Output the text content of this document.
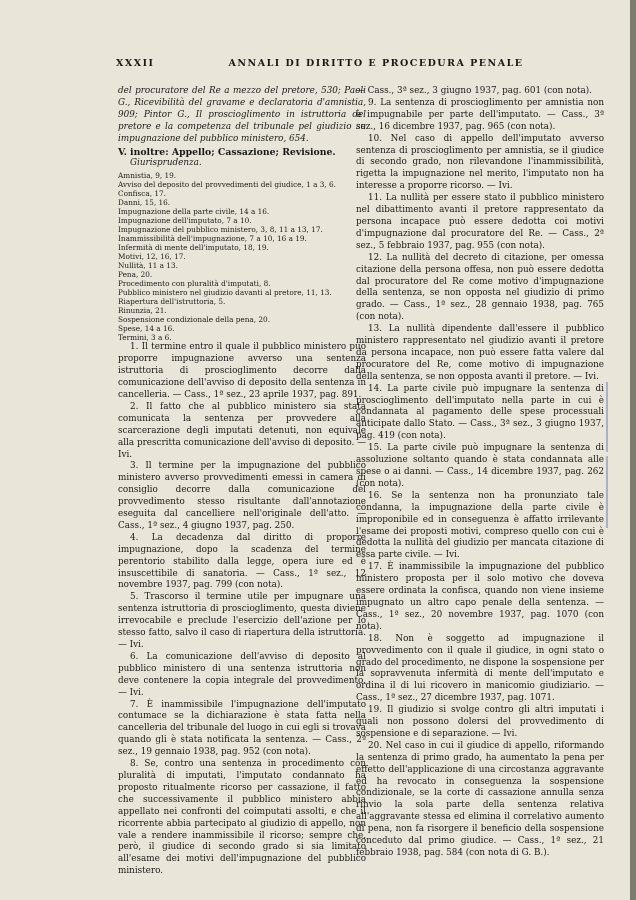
XXXII	ANNALI DI DIRITTO E PROCEDURA PENALE

del procuratore del Re a mezzo del pretore, 530; Paoli G., Ricevibilità del gravame e declaratoria d'amnistia, 909; Pintor G., Il proscioglimento in istruttoria del pretore e la competenza del tribunale pel giudizio su impugnazione del pubblico ministero, 654.

V. inoltre: Appello; Cassazione; Revisione.

Giurisprudenza.

Amnistia, 9, 19.

Avviso del deposito del provvedimenti del giudice, 1 a 3, 6.

Confisca, 17.

Danni, 15, 16.

Impugnazione della parte civile, 14 a 16.

Impugnazione dell'imputato, 7 a 10.

Impugnazione del pubblico ministero, 3, 8, 11 a 13, 17.

Inammissibilità dell'impugnazione, 7 a 10, 16 a 19.

Infermità di mente dell'imputato, 18, 19.

Motivi, 12, 16, 17.

Nullità, 11 a 13.

Pena, 20.

Procedimento con pluralità d'imputati, 8.

Pubblico ministero nel giudizio davanti al pretore, 11, 13.

Riapertura dell'istruttoria, 5.

Rinunzia, 21.

Sospensione condizionale della pena, 20.

Spese, 14 a 16.

Termini, 3 a 6.

1. Il termine entro il quale il pubblico ministero può proporre impugnazione avverso una sentenza istruttoria di proscioglimento decorre dalla comunicazione dell'avviso di deposito della sentenza in cancelleria. — Cass., 1ª sez., 23 aprile 1937, pag. 891.

2. Il fatto che al pubblico ministero sia stata comunicata la sentenza per provvedere alla scarcerazione degli imputati detenuti, non equivale alla prescritta comunicazione dell'avviso di deposito. — Ivi.

3. Il termine per la impugnazione del pubblico ministero avverso provvedimenti emessi in camera di consiglio decorre dalla comunicazione del provvedimento stesso risultante dall'annotazione eseguita dal cancelliere nell'originale dell'atto. — Cass., 1ª sez., 4 giugno 1937, pag. 250.

4. La decadenza dal diritto di proporre impugnazione, dopo la scadenza del termine perentorio stabilito dalla legge, opera iure ed è insuscettibile di sanatoria. — Cass., 1ª sez., 12 novembre 1937, pag. 799 (con nota).

5. Trascorso il termine utile per impugnare una sentenza istruttoria di proscioglimento, questa diviene irrevocabile e preclude l'esercizio dell'azione per lo stesso fatto, salvo il caso di riapertura della istruttoria. — Ivi.

6. La comunicazione dell'avviso di deposito al pubblico ministero di una sentenza istruttoria non deve contenere la copia integrale del provvedimento. — Ivi.

7. È inammissibile l'impugnazione dell'imputato contumace se la dichiarazione è stata fatta nella cancelleria del tribunale del luogo in cui egli si trovava quando gli è stata notificata la sentenza. — Cass., 2ª sez., 19 gennaio 1938, pag. 952 (con nota).

8. Se, contro una sentenza in procedimento con pluralità di imputati, l'imputato condannato ha proposto ritualmente ricorso per cassazione, il fatto che successivamente il pubblico ministero abbia appellato nei confronti del coimputati assolti, e che il ricorrente abbia partecipato al giudizio di appello, non vale a rendere inammissibile il ricorso; sempre che, però, il giudice di secondo grado si sia limitato all'esame dei motivi dell'impugnazione del pubblico ministero.

— Cass., 3ª sez., 3 giugno 1937, pag. 601 (con nota).

9. La sentenza di proscioglimento per amnistia non è impugnabile per parte dell'imputato. — Cass., 3ª sez., 16 dicembre 1937, pag. 965 (con nota).

10. Nel caso di appello dell'imputato avverso sentenza di proscioglimento per amnistia, se il giudice di secondo grado, non rilevandone l'inammissibilità, rigetta la impugnazione nel merito, l'imputato non ha interesse a proporre ricorso. — Ivi.

11. La nullità per essere stato il pubblico ministero nel dibattimento avanti il pretore rappresentato da persona incapace può essere dedotta coi motivi d'impugnazione dal procuratore del Re. — Cass., 2ª sez., 5 febbraio 1937, pag. 955 (con nota).

12. La nullità del decreto di citazione, per omessa citazione della persona offesa, non può essere dedotta dal procuratore del Re come motivo d'impugnazione della sentenza, se non opposta nel giudizio di primo grado. — Cass., 1ª sez., 28 gennaio 1938, pag. 765 (con nota).

13. La nullità dipendente dall'essere il pubblico ministero rappresentato nel giudizio avanti il pretore da persona incapace, non può essere fatta valere dal procuratore del Re, come motivo di impugnazione della sentenza, se non opposta avanti il pretore. — Ivi.

14. La parte civile può impugnare la sentenza di proscioglimento dell'imputato nella parte in cui è condannata al pagamento delle spese processuali anticipate dallo Stato. — Cass., 3ª sez., 3 giugno 1937, pag. 419 (con nota).

15. La parte civile può impugnare la sentenza di assoluzione soltanto quando è stata condannata alle spese o ai danni. — Cass., 14 dicembre 1937, pag. 262 (con nota).

16. Se la sentenza non ha pronunziato tale condanna, la impugnazione della parte civile è improponibile ed in conseguenza è affatto irrilevante l'esame dei proposti motivi, compreso quello con cui è dedotta la nullità del giudizio per mancata citazione di essa parte civile. — Ivi.

17. È inammissibile la impugnazione del pubblico ministero proposta per il solo motivo che doveva essere ordinata la confisca, quando non viene insieme impugnato un altro capo penale della sentenza. — Cass., 1ª sez., 20 novembre 1937, pag. 1070 (con nota).

18. Non è soggetto ad impugnazione il provvedimento con il quale il giudice, in ogni stato o grado del procedimento, ne dispone la sospensione per la sopravvenuta infermità di mente dell'imputato e ordina il di lui ricovero in manicomio giudiziario. — Cass., 1ª sez., 27 dicembre 1937, pag. 1071.

19. Il giudizio si svolge contro gli altri imputati i quali non possono dolersi del provvedimento di sospensione e di separazione. — Ivi.

20. Nel caso in cui il giudice di appello, riformando la sentenza di primo grado, ha aumentato la pena per effetto dell'applicazione di una circostanza aggravante ed ha revocato in conseguenza la sospensione condizionale, se la corte di cassazione annulla senza rinvio la sola parte della sentenza relativa all'aggravante stessa ed elimina il correlativo aumento di pena, non fa risorgere il beneficio della sospensione conceduto dal primo giudice. — Cass., 1ª sez., 21 febbraio 1938, pag. 584 (con nota di G. B.).
